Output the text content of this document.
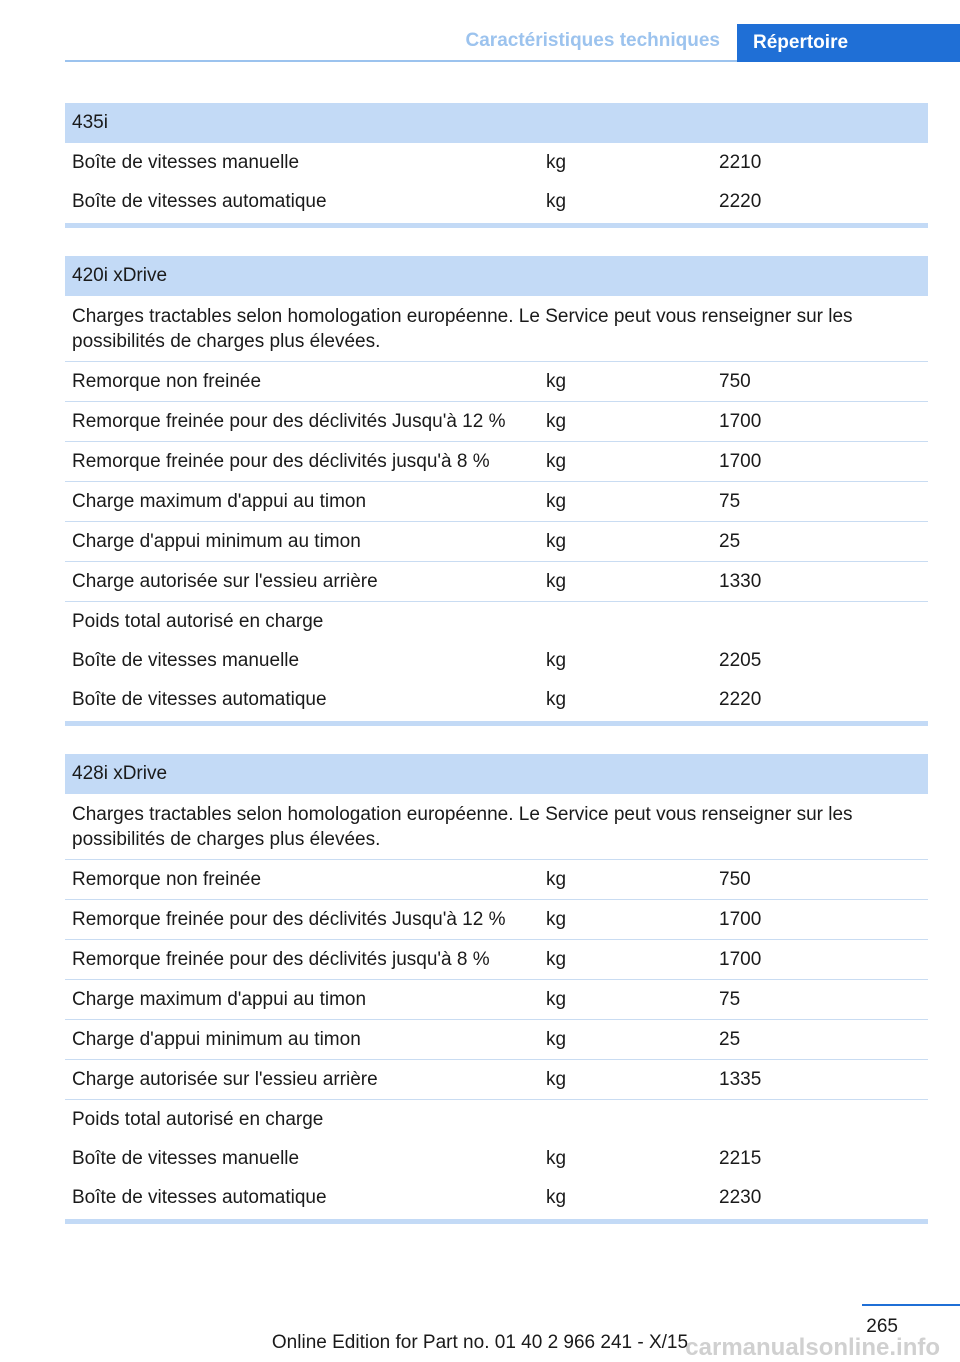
Caractéristiques techniques	Répertoire
435i
Boîte de vitesses manuelle	kg	2210
Boîte de vitesses automatique	kg	2220
420i xDrive
Charges tractables selon homologation européenne. Le Service peut vous renseigner sur les possibilités de charges plus élevées.
Remorque non freinée	kg	750
Remorque freinée pour des déclivités Jusqu'à 12 %	kg	1700
Remorque freinée pour des déclivités jusqu'à 8 %	kg	1700
Charge maximum d'appui au timon	kg	75
Charge d'appui minimum au timon	kg	25
Charge autorisée sur l'essieu arrière	kg	1330
Poids total autorisé en charge
Boîte de vitesses manuelle	kg	2205
Boîte de vitesses automatique	kg	2220
428i xDrive
Charges tractables selon homologation européenne. Le Service peut vous renseigner sur les possibilités de charges plus élevées.
Remorque non freinée	kg	750
Remorque freinée pour des déclivités Jusqu'à 12 %	kg	1700
Remorque freinée pour des déclivités jusqu'à 8 %	kg	1700
Charge maximum d'appui au timon	kg	75
Charge d'appui minimum au timon	kg	25
Charge autorisée sur l'essieu arrière	kg	1335
Poids total autorisé en charge
Boîte de vitesses manuelle	kg	2215
Boîte de vitesses automatique	kg	2230
265
Online Edition for Part no. 01 40 2 966 241 - X/15
carmanualsonline.info
